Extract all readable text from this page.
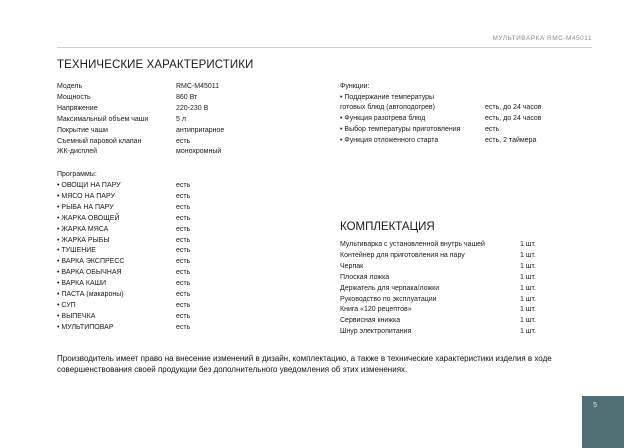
МУЛЬТИВАРКА RMC-M45011
ТЕХНИЧЕСКИЕ ХАРАКТЕРИСТИКИ
Модель	RMC-M45011
Мощность	860 Вт
Напряжение	220-230 В
Максимальный объем чаши	5 л
Покрытие чаши	антипригарное
Съемный паровой клапан	есть
ЖК-дисплей	монохромный
Программы:
• ОВОЩИ НА ПАРУ	есть
• МЯСО НА ПАРУ	есть
• РЫБА НА ПАРУ	есть
• ЖАРКА ОВОЩЕЙ	есть
• ЖАРКА МЯСА	есть
• ЖАРКА РЫБЫ	есть
• ТУШЕНИЕ	есть
• ВАРКА ЭКСПРЕСС	есть
• ВАРКА ОБЫЧНАЯ	есть
• ВАРКА КАШИ	есть
• ПАСТА (макароны)	есть
• СУП	есть
• ВЫПЕЧКА	есть
• МУЛЬТИПОВАР	есть
Функции:
• Поддержание температуры
готовых блюд (автоподогрев)	есть, до 24 часов
• Функция разогрева блюд	есть, до 24 часов
• Выбор температуры приготовления	есть
• Функция отложенного старта	есть, 2 таймера
КОМПЛЕКТАЦИЯ
Мультиварка с установленной внутрь чашей	1 шт.
Контейнер для приготовления на пару	1 шт.
Черпак	1 шт.
Плоская ложка	1 шт.
Держатель для черпака/ложки	1 шт.
Руководство по эксплуатации	1 шт.
Книга «120 рецептов»	1 шт.
Сервисная книжка	1 шт.
Шнур электропитания	1 шт.
Производитель имеет право на внесение изменений в дизайн, комплектацию, а также в технические характеристики изделия в ходе совершенствования своей продукции без дополнительного уведомления об этих изменениях.
5
